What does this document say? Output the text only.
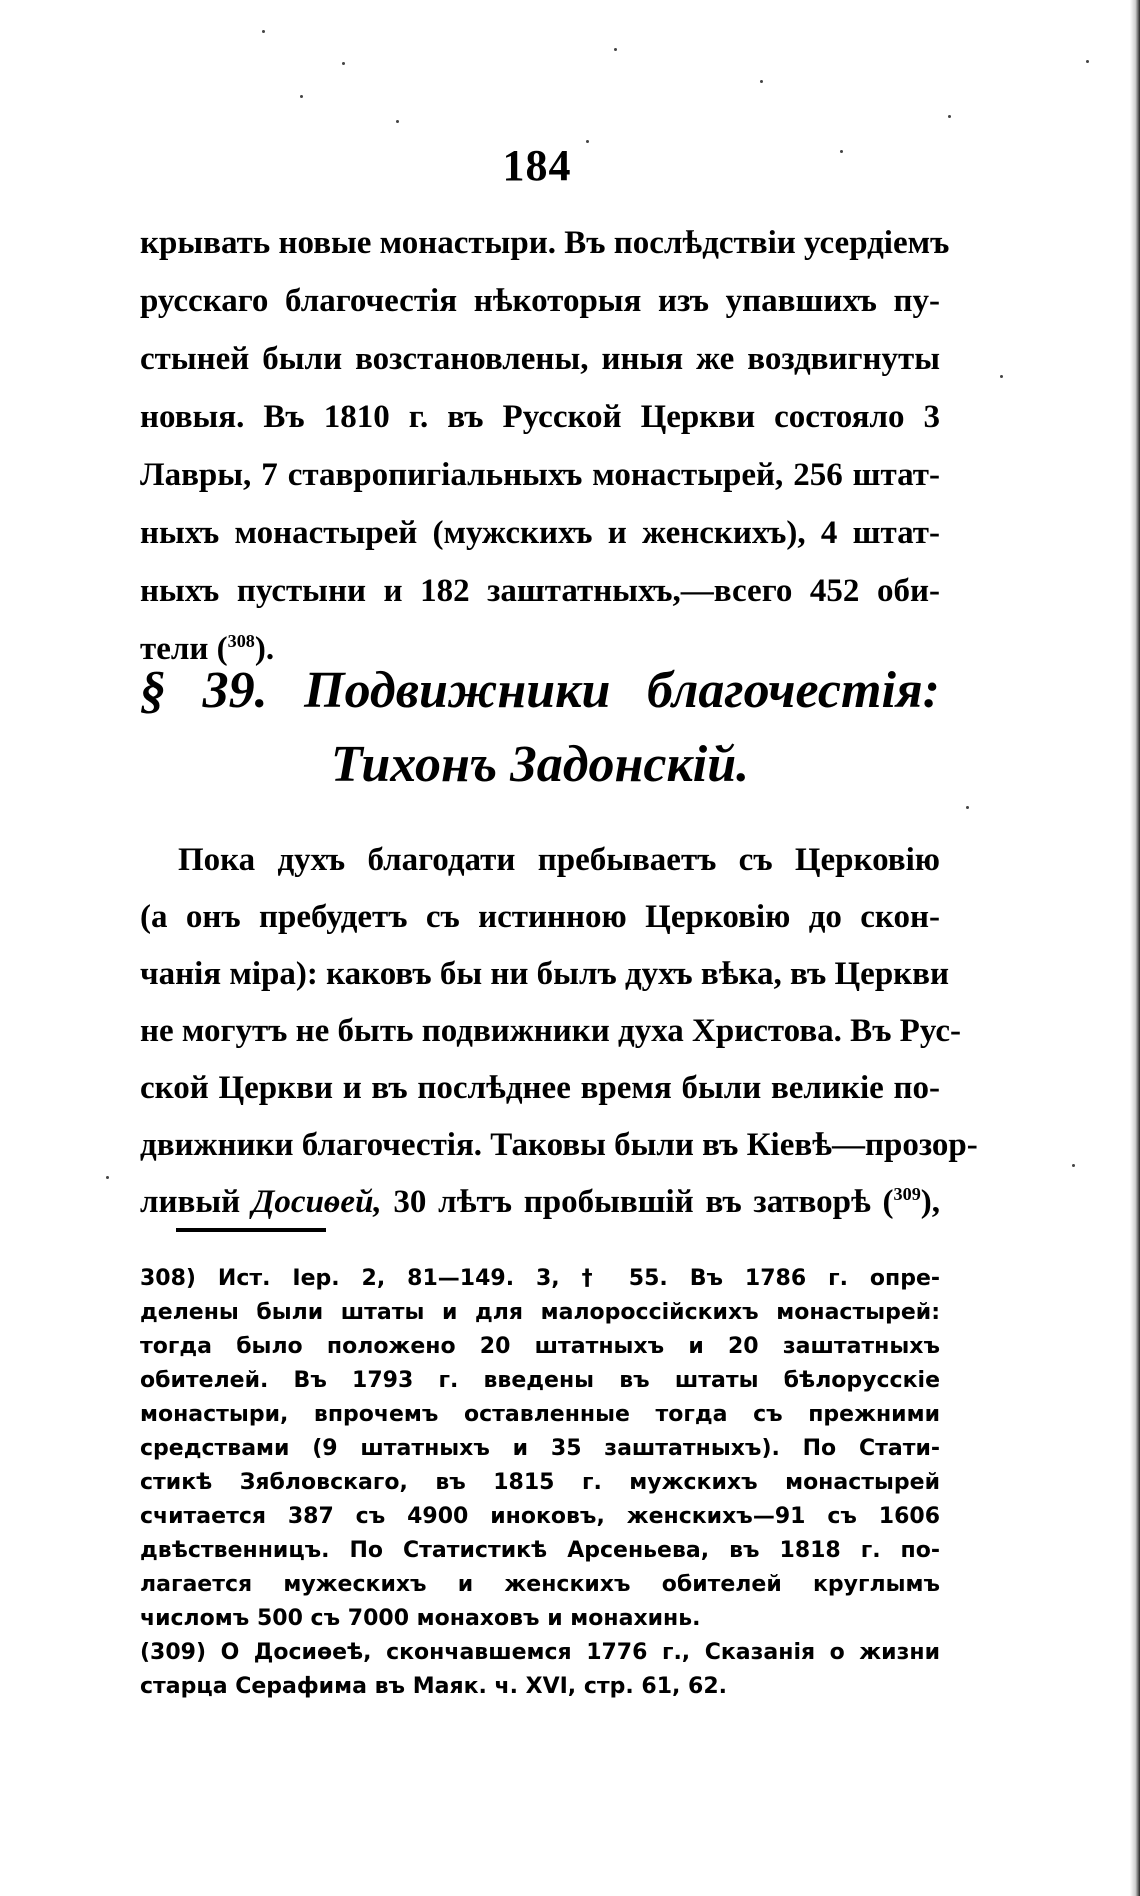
184
крывать новые монастыри. Въ послѣдствіи усердіемъ
русскаго благочестія нѣкоторыя изъ упавшихъ пу-
стыней были возстановлены, иныя же воздвигнуты
новыя. Въ 1810 г. въ Русской Церкви состояло 3
Лавры, 7 ставропигіальныхъ монастырей, 256 штат-
ныхъ монастырей (мужскихъ и женскихъ), 4 штат-
ныхъ пустыни и 182 заштатныхъ,—всего 452 оби-
тели ($^{308}$).
§ 39. Подвижники благочестія:
Тихонъ Задонскій.
Пока духъ благодати пребываетъ съ Церковію
(а онъ пребудетъ съ истинною Церковію до скон-
чанія міра): каковъ бы ни былъ духъ вѣка, въ Церкви
не могутъ не быть подвижники духа Христова. Въ Рус-
ской Церкви и въ послѣднее время были великіе по-
движники благочестія. Таковы были въ Кіевѣ—прозор-
ливый Досиѳей, 30 лѣтъ пробывшій въ затворѣ ($^{309}$),
308) Ист. Іер. 2, 81—149. 3, † 55. Въ 1786 г. опре-
делены были штаты и для малороссійскихъ монастырей:
тогда было положено 20 штатныхъ и 20 заштатныхъ
обителей. Въ 1793 г. введены въ штаты бѣлорусскіе
монастыри, впрочемъ оставленные тогда съ прежними
средствами (9 штатныхъ и 35 заштатныхъ). По Стати-
стикѣ Зябловскаго, въ 1815 г. мужскихъ монастырей
считается 387 съ 4900 иноковъ, женскихъ—91 съ 1606
двѣственницъ. По Статистикѣ Арсеньева, въ 1818 г. по-
лагается мужескихъ и женскихъ обителей круглымъ
числомъ 500 съ 7000 монаховъ и монахинь.
(309) О Досиѳеѣ, скончавшемся 1776 г., Сказанія о жизни
старца Серафима въ Маяк. ч. XVI, стр. 61, 62.
